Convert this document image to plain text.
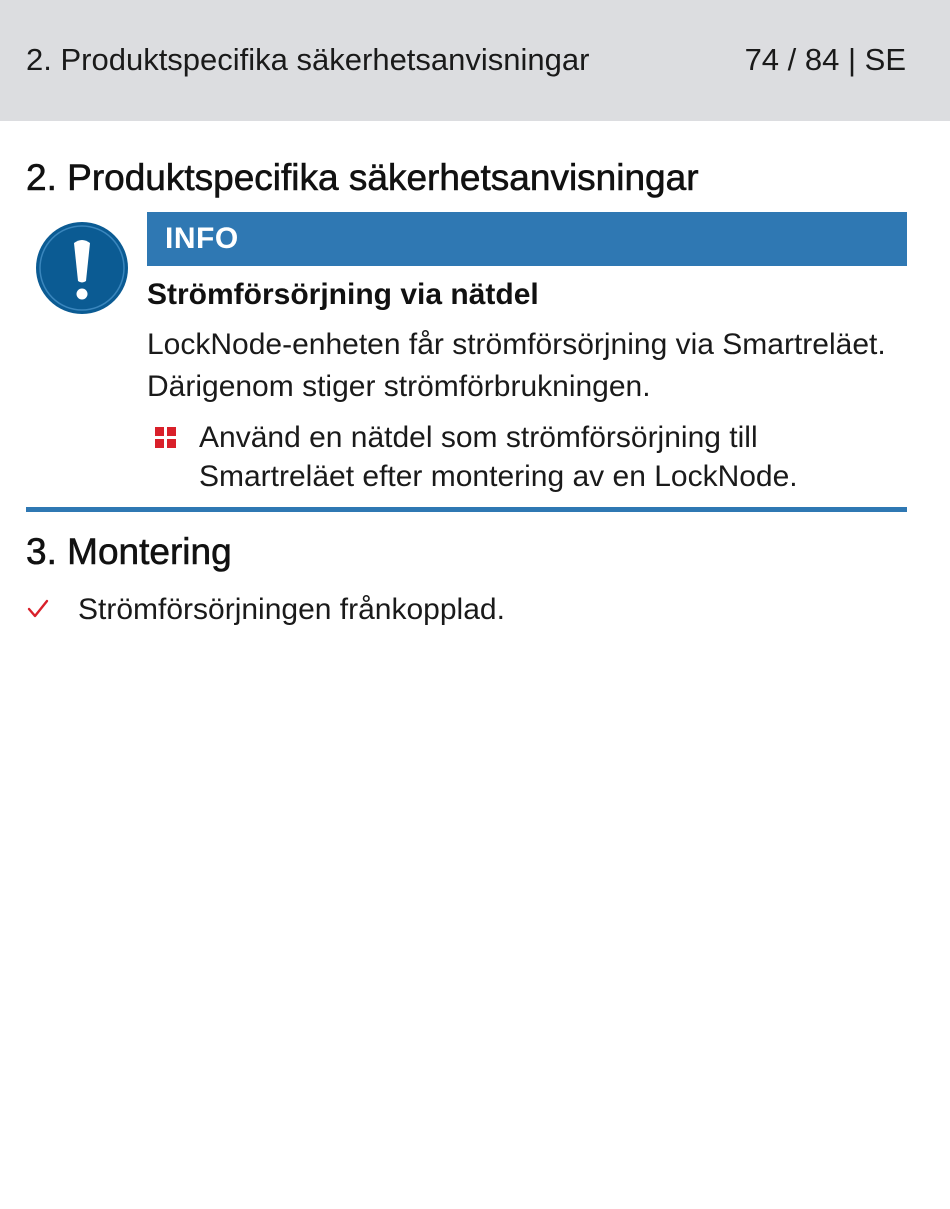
2. Produktspecifika säkerhetsanvisningar	74 / 84 | SE
2. Produktspecifika säkerhetsanvisningar
INFO
Strömförsörjning via nätdel

LockNode-enheten får strömförsörjning via Smartreläet. Därigenom stiger strömförbrukningen.

Använd en nätdel som strömförsörjning till Smartreläet efter montering av en LockNode.

3. Montering
Strömförsörjningen frånkopplad.
